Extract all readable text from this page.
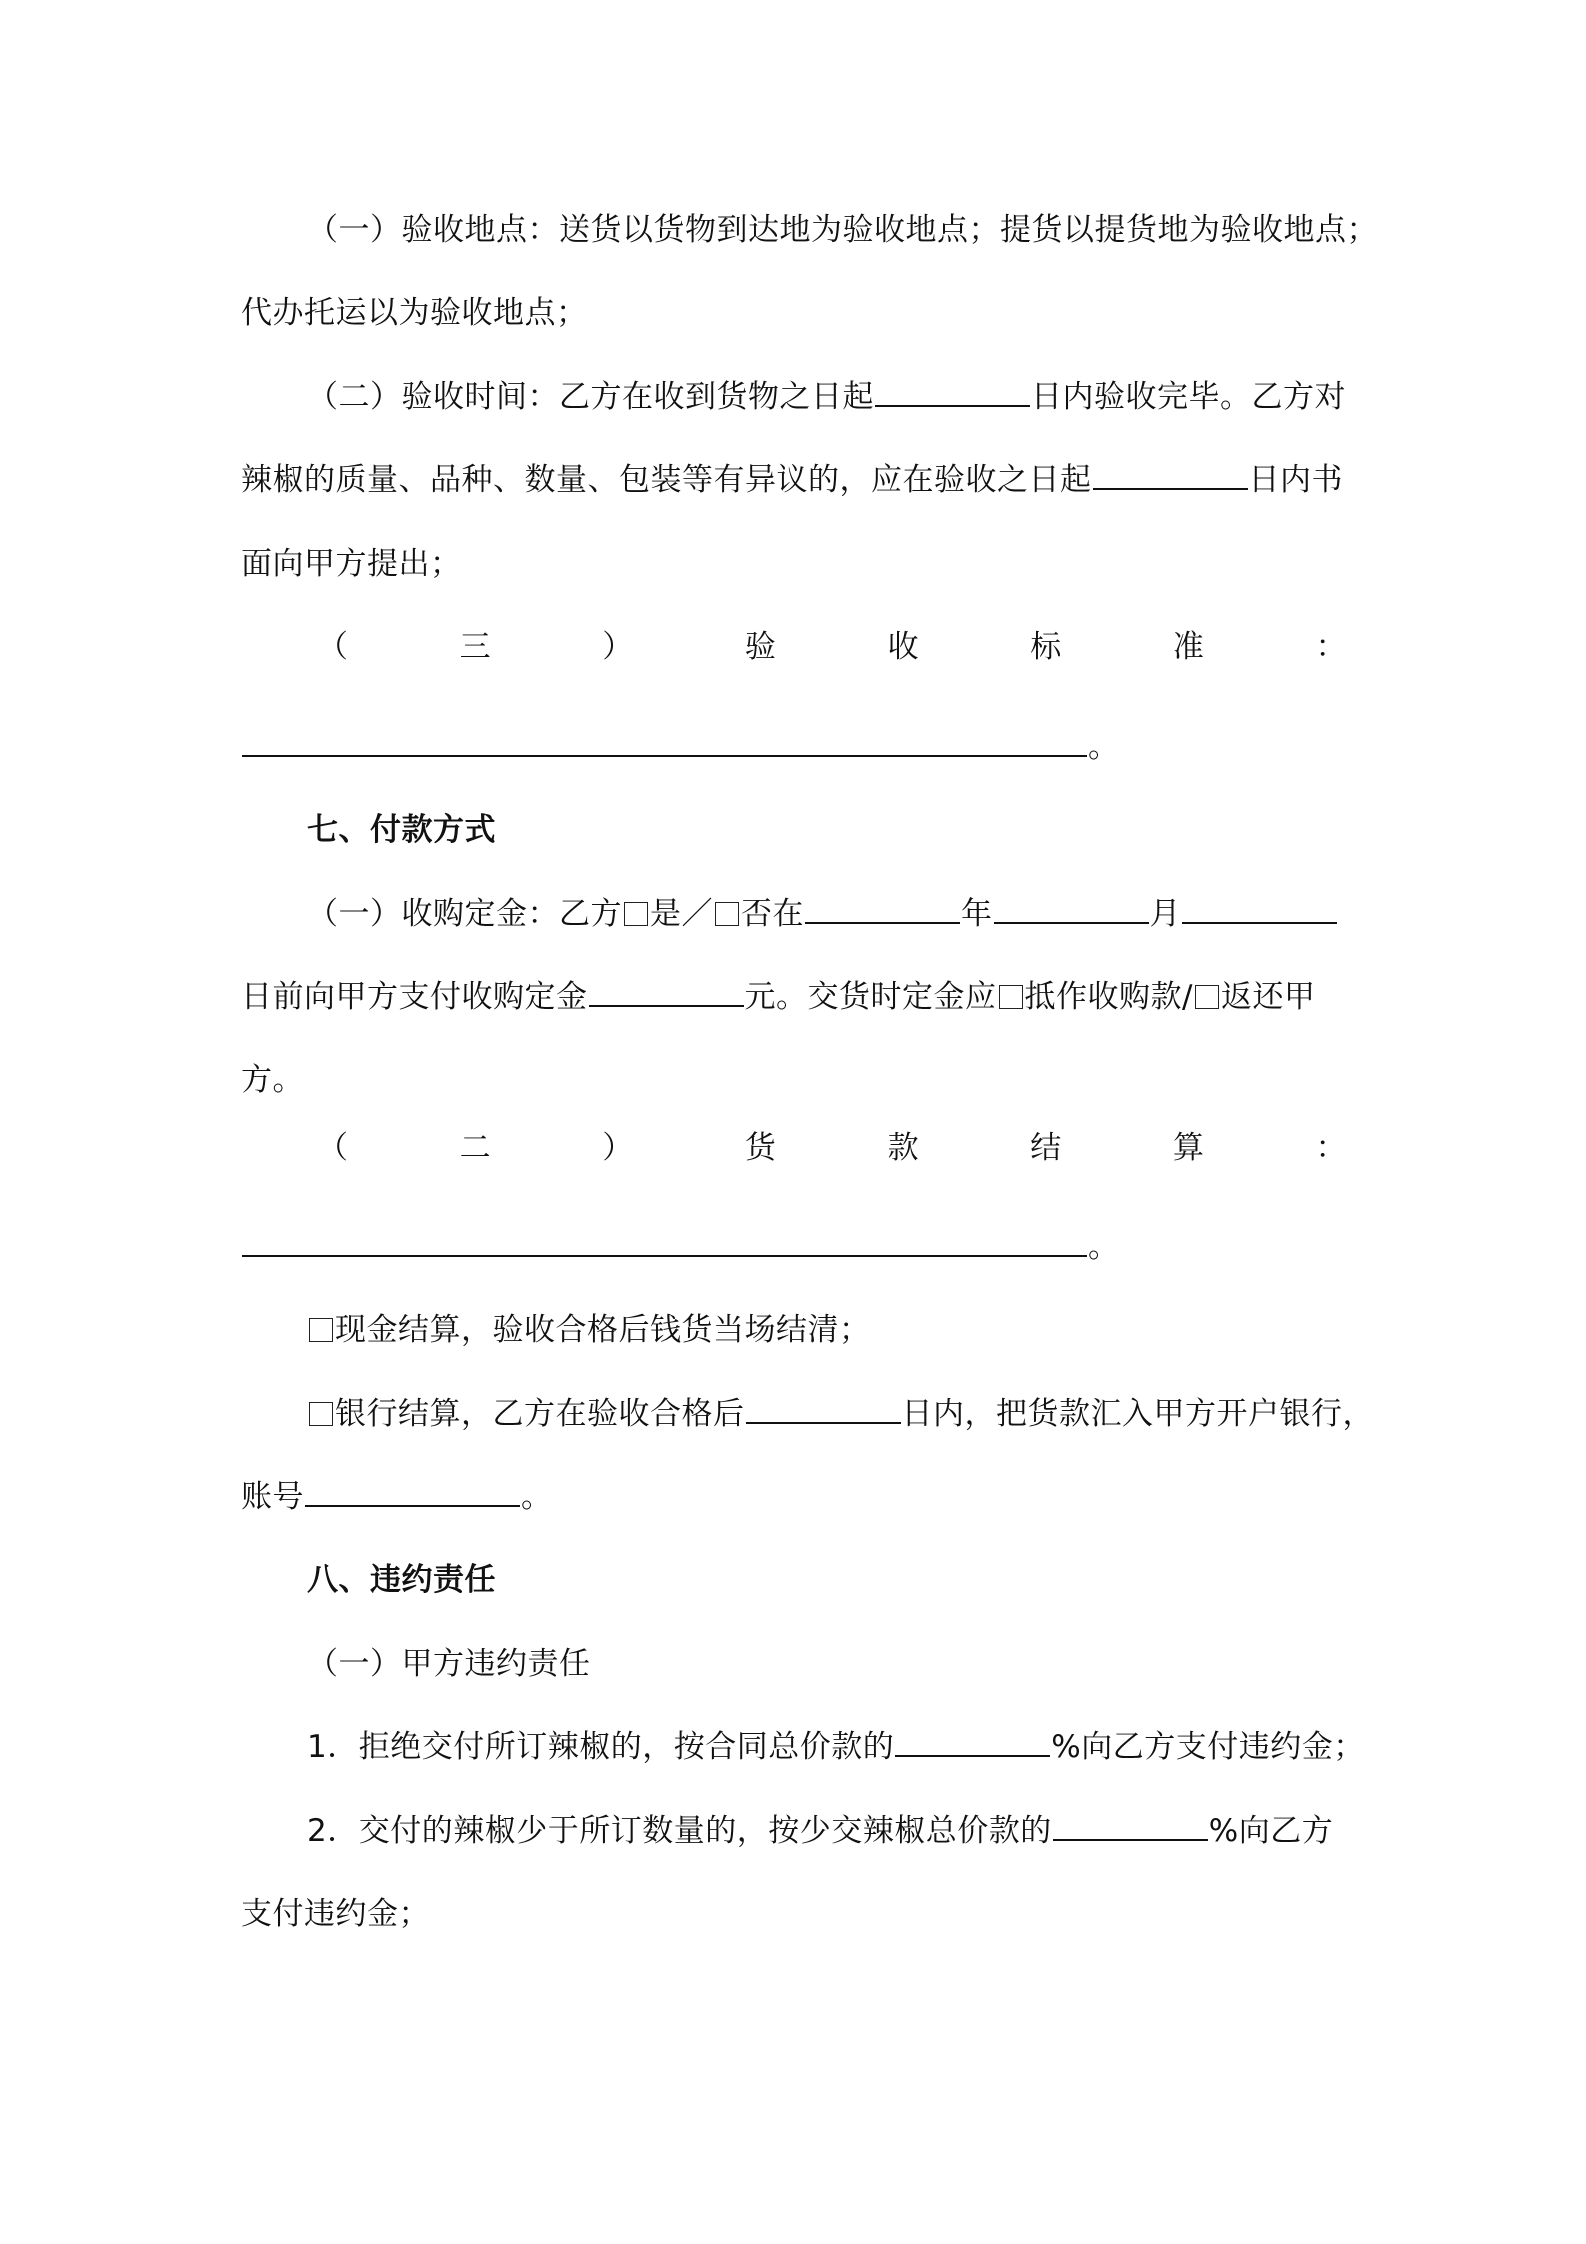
（一）验收地点：送货以货物到达地为验收地点；提货以提货地为验收地点；
代办托运以为验收地点；
（二）验收时间：乙方在收到货物之日起	日内验收完毕。乙方对
辣椒的质量、品种、数量、包装等有异议的，应在验收之日起	日内书
面向甲方提出；
（	三	）	验	收	标	准	：
。
七、付款方式
（一）收购定金：乙方 是／ 否在	年	月
日前向甲方支付收购定金	元。交货时定金应 抵作收购款/ 返还甲
方。
（	二	）	货	款	结	算	：
。
现金结算，验收合格后钱货当场结清；
银行结算，乙方在验收合格后	日内，把货款汇入甲方开户银行，
账号	。
八、违约责任
（一）甲方违约责任
1．拒绝交付所订辣椒的，按合同总价款的	%向乙方支付违约金；
2．交付的辣椒少于所订数量的，按少交辣椒总价款的	%向乙方
支付违约金；
